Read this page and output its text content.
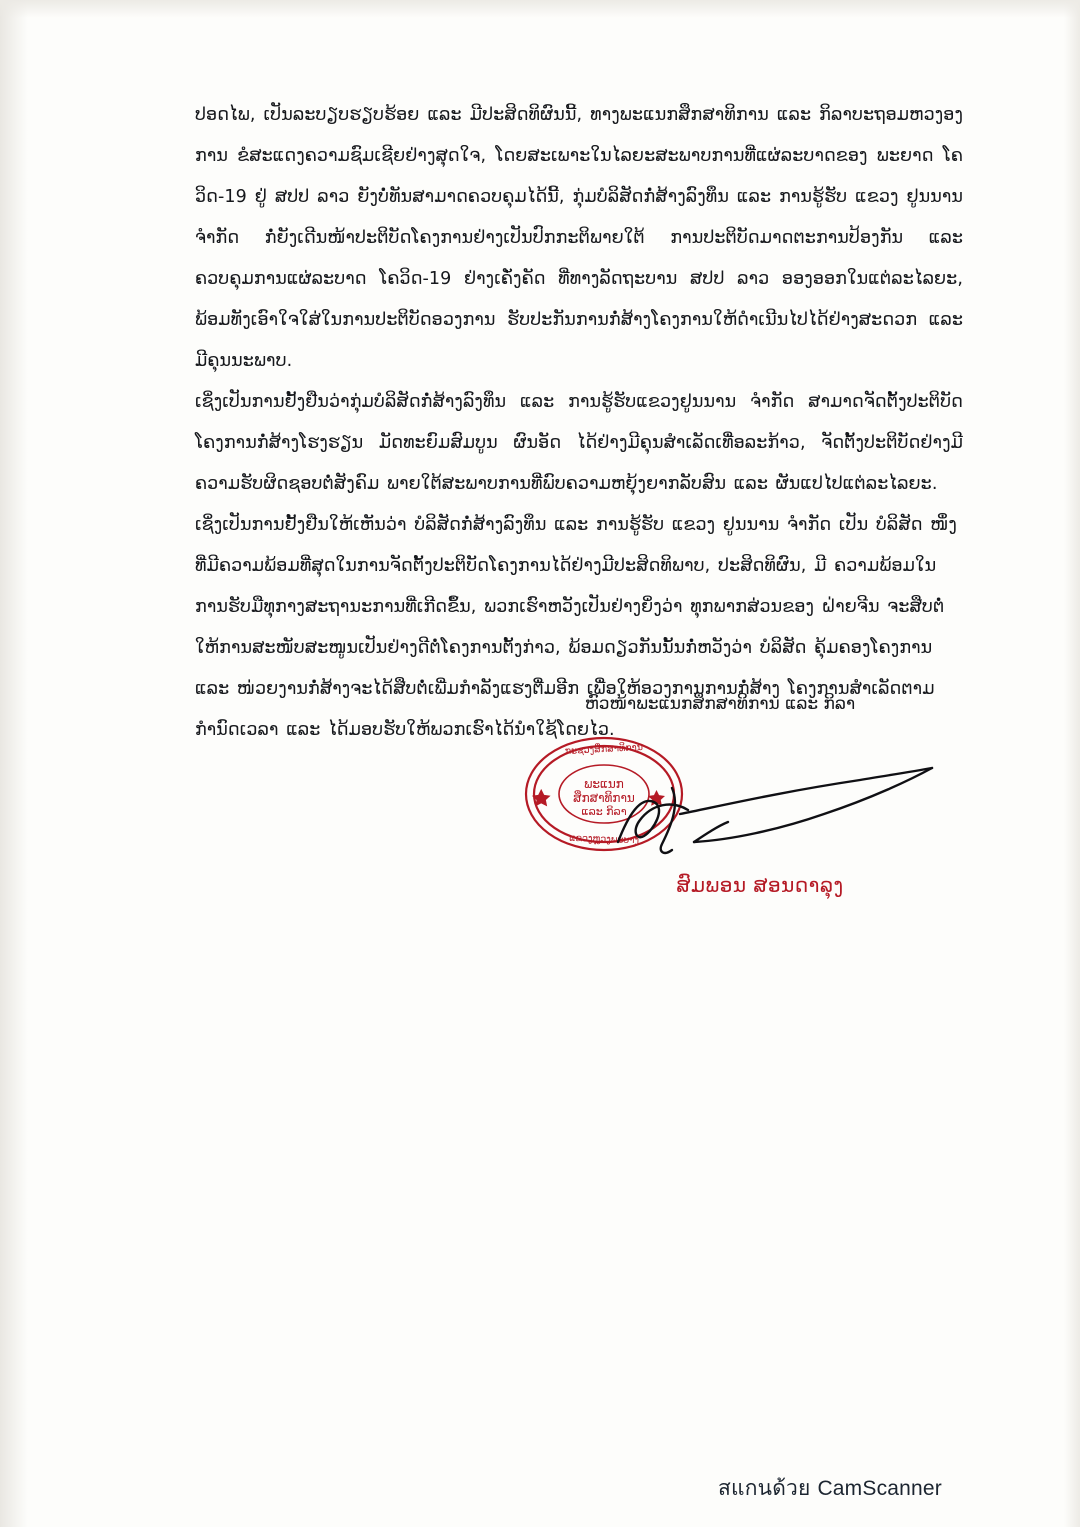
ປອດໄພ, ເປັນລະບຽບຮຽບຮ້ອຍ ແລະ ມີປະສິດທິຜົນນີ້, ທາງພະແນກສຶກສາທິການ ແລະ ກິລາບະຖອມຫວງອງການ ຂໍສະແດງຄວາມຊົມເຊີຍຢ່າງສຸດໃຈ, ໂດຍສະເພາະໃນໄລຍະສະພາບການທີ່ແຜ່ລະບາດຂອງ ພະຍາດ ໂຄວິດ-19 ຢູ່ ສປປ ລາວ ຍັງບໍ່ທັນສາມາດຄວບຄຸມໄດ້ນີ້, ກຸ່ມບໍລິສັດກໍ່ສ້າງລົງທຶນ ແລະ ການຮູ້ຮັບ ແຂວງ ຢູນນານ ຈຳກັດ ກໍ່ຍັງເດີນໜ້າປະຕິບັດໂຄງການຢ່າງເປັນປົກກະຕິພາຍໃຕ້ ການປະຕິບັດມາດຕະການປ້ອງກັນ ແລະ ຄວບຄຸມການແຜ່ລະບາດ ໂຄວິດ-19 ຢ່າງເຄັ່ງຄັດ ທີ່ທາງລັດຖະບານ ສປປ ລາວ ອອງອອກໃນແຕ່ລະໄລຍະ, ພ້ອມທັງເອົາໃຈໃສ່ໃນການປະຕິບັດອວງການ ຮັບປະກັນການກໍ່ສ້າງໂຄງການໃຫ້ດຳເນີນໄປໄດ້ຢ່າງສະດວກ ແລະ ມີຄຸນນະພາບ.

ເຊິ່ງເປັນການຢັ້ງຢືນວ່າກຸ່ມບໍລິສັດກໍ່ສ້າງລົງທຶນ ແລະ ການຮູ້ຮັບແຂວງຢູນນານ ຈຳກັດ ສາມາດຈັດຕັ້ງປະຕິບັດໂຄງການກໍ່ສ້າງໂຮງຮຽນ ມັດທະຍົມສົມບູນ ຜົນອັດ ໄດ້ຢ່າງມີຄຸນສຳເລັດເທື່ອລະກ້າວ, ຈັດຕັ້ງປະຕິບັດຢ່າງມີຄວາມຮັບຜິດຊອບຕໍ່ສັງຄົມ ພາຍໃຕ້ສະພາບການທີ່ພົບຄວາມຫຍຸ້ງຍາກລັບສົນ ແລະ ຜັນແປໄປແຕ່ລະໄລຍະ.

ເຊິ່ງເປັນການຢັ້ງຢືນໃຫ້ເຫັນວ່າ ບໍລິສັດກໍ່ສ້າງລົງທຶນ ແລະ ການຮູ້ຮັບ ແຂວງ ຢູນນານ ຈຳກັດ ເປັນ ບໍລິສັດ ໜຶ່ງທີ່ມີຄວາມພ້ອມທີ່ສຸດໃນການຈັດຕັ້ງປະຕິບັດໂຄງການໄດ້ຢ່າງມີປະສິດທິພາບ, ປະສິດທິຜົນ, ມີ ຄວາມພ້ອມໃນການຮັບມືທຸກາງສະຖານະການທີ່ເກີດຂຶ້ນ, ພວກເຮົາຫວັງເປັນຢ່າງຍິ່ງວ່າ ທຸກພາກສ່ວນຂອງ ຝ່າຍຈີນ ຈະສືບຕໍ່ໃຫ້ການສະໜັບສະໜູນເປັນຢ່າງດີຕໍ່ໂຄງການຕັ້ງກ່າວ, ພ້ອມດຽວກັນນັ້ນກໍ່ຫວັງວ່າ ບໍລິສັດ ຄຸ້ມຄອງໂຄງການ ແລະ ໜ່ວຍງານກໍ່ສ້າງຈະໄດ້ສືບຕໍ່ເພີ່ມກຳລັງແຮງຕື່ມອີກ ເພື່ອໃຫ້ອວງການການກໍ່ສ້າງ ໂຄງການສຳເລັດຕາມກຳນົດເວລາ ແລະ ໄດ້ມອບຮັບໃຫ້ພວກເຮົາໄດ້ນຳໃຊ້ໂດຍໄວ.

ຫົວໜ້າພະແນກສຶກສາທິການ ແລະ ກິລາ
ພະແນກ
ສຶກສາທິການ
ແລະ ກິລາ
ກະຊວງສຶກສາທິການ
ແຂວງຫຼວງພະບາງ
ສົມພອນ ສອນດາລຸງ
สแกนด้วย CamScanner
